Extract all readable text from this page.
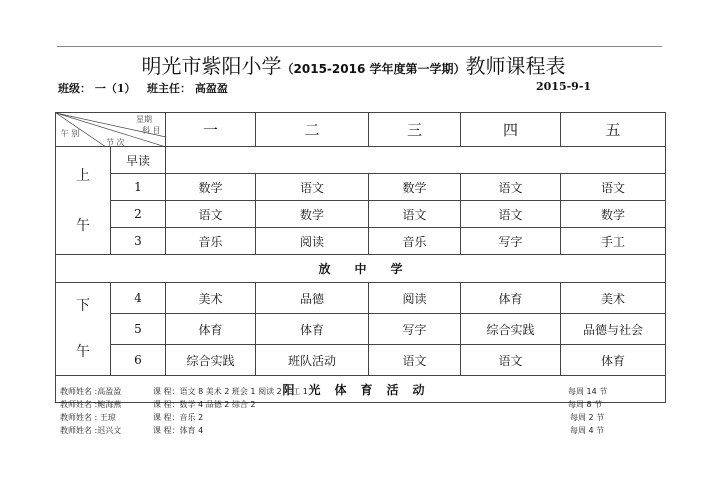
明光市紫阳小学（2015-2016 学年度第一学期）教师课程表
班级： 一（1） 班主任： 高盈盈	2015-9-1
星期
科 目
午 别
节 次		一	二	三	四	五

上
午	早读					
	1	数学	语文	数学	语文	语文
	2	语文	数学	语文	语文	数学
	3	音乐	阅读	音乐	写字	手工
放　　中　　学						

下
午	4	美术	品德	阅读	体育	美术
	5	体育	体育	写字	综合实践	品德与社会
	6	综合实践	班队活动	语文	语文	体育
阳光体育活动						
教师姓名 :高盈盈	课 程：语文 8 美术 2 班会 1 阅读 2 手工 1	每周 14 节
教师姓名 :鲍海燕	课 程：数学 4 品德 2 综合 2	每周 8 节
教师姓名 : 王琼	课 程：音乐 2	每周 2 节
教师姓名 :迟兴文	课 程：体育 4	每周 4 节
